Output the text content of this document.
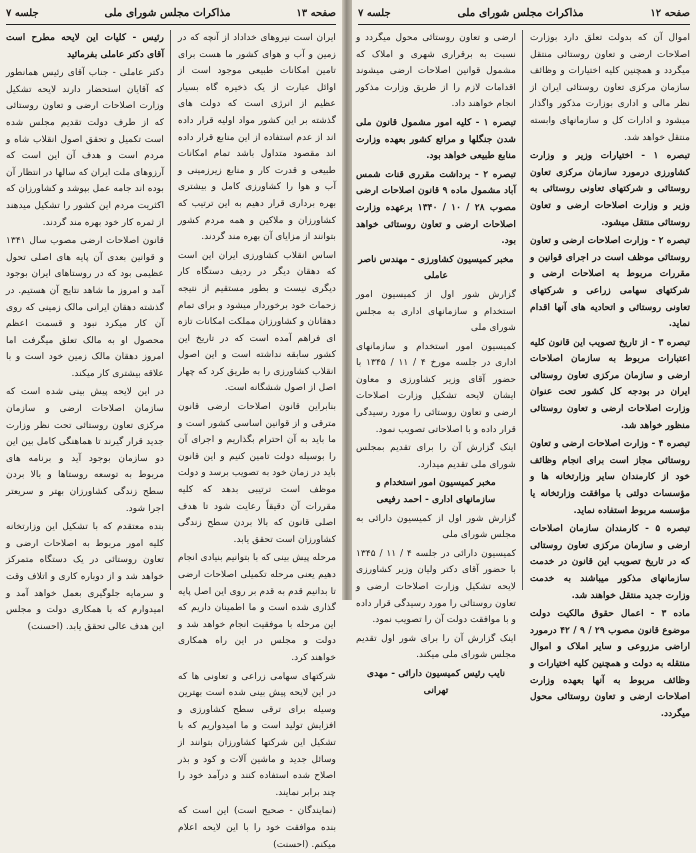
صفحه ۱۳
مذاکرات مجلس شورای ملی
جلسه ۷

ایران است نیروهای خداداد از آنچه که در زمین و آب و هوای کشور ما هست برای تامین امکانات طبیعی موجود است از اوائل عبارت از یک ذخیره گاه بسیار عظیم از انرژی است که دولت های گذشته بر این کشور مواد اولیه قرار داده اند از عدم استفاده از این منابع قرار داده اند مقصود متداول باشد تمام امکانات طبیعی و قدرت کار و منابع زیرزمینی و آب و هوا را کشاورزی کامل و بیشتری بهره برداری قرار دهیم به این ترتیب که کشاورزان و ملاکین و همه مردم کشور بتوانند از مزایای آن بهره مند گردند.

اساس انقلاب کشاورزی ایران این است که دهقان دیگر در ردیف دستگاه کار دیگری نیست و بطور مستقیم از نتیجه زحمات خود برخوردار میشود و برای تمام دهقانان و کشاورزان مملکت امکانات تازه ای فراهم آمده است که در تاریخ این کشور سابقه نداشته است و این اصول انقلاب کشاورزی را به طریق کرد که چهار اصل از اصول ششگانه است.

بنابراین قانون اصلاحات ارضی قانون مترقی و از قوانین اساسی کشور است و ما باید به آن احترام بگذاریم و اجرای آن را بوسیله دولت تامین کنیم و این قانون باید در زمان خود به تصویب برسد و دولت موظف است ترتیبی بدهد که کلیه مقررات آن دقیقاً رعایت شود تا هدف اصلی قانون که بالا بردن سطح زندگی کشاورزان است تحقق یابد.

مرحله پیش بینی که با بتوانیم بنیادی انجام دهیم یعنی مرحله تکمیلی اصلاحات ارضی تا بدانیم قدم به قدم بر روی این اصل پایه گذاری شده است و ما اطمینان داریم که این مرحله با موفقیت انجام خواهد شد و دولت و مجلس در این راه همکاری خواهند کرد.

شرکتهای سهامی زراعی و تعاونی ها که در این لایحه پیش بینی شده است بهترین وسیله برای ترقی سطح کشاورزی و افزایش تولید است و ما امیدواریم که با تشکیل این شرکتها کشاورزان بتوانند از وسائل جدید و ماشین آلات و کود و بذر اصلاح شده استفاده کنند و درآمد خود را چند برابر نمایند.

(نمایندگان - صحیح است) این است که بنده موافقت خود را با این لایحه اعلام میکنم. (احسنت)

رئیس - کلیات این لایحه مطرح است آقای دکتر عاملی بفرمائید

دکتر عاملی - جناب آقای رئیس همانطور که آقایان استحضار دارند لایحه تشکیل وزارت اصلاحات ارضی و تعاون روستائی که از طرف دولت تقدیم مجلس شده است تکمیل و تحقق اصول انقلاب شاه و مردم است و هدف آن این است که آرزوهای ملت ایران که سالها در انتظار آن بوده اند جامه عمل بپوشد و کشاورزان که اکثریت مردم این کشور را تشکیل میدهند از ثمره کار خود بهره مند گردند.

قانون اصلاحات ارضی مصوب سال ۱۳۴۱ و قوانین بعدی آن پایه های اصلی تحول عظیمی بود که در روستاهای ایران بوجود آمد و امروز ما شاهد نتایج آن هستیم. در گذشته دهقان ایرانی مالک زمینی که روی آن کار میکرد نبود و قسمت اعظم محصول او به مالک تعلق میگرفت اما امروز دهقان مالک زمین خود است و با علاقه بیشتری کار میکند.

در این لایحه پیش بینی شده است که سازمان اصلاحات ارضی و سازمان مرکزی تعاون روستائی تحت نظر وزارت جدید قرار گیرند تا هماهنگی کامل بین این دو سازمان بوجود آید و برنامه های مربوط به توسعه روستاها و بالا بردن سطح زندگی کشاورزان بهتر و سریعتر اجرا شود.

بنده معتقدم که با تشکیل این وزارتخانه کلیه امور مربوط به اصلاحات ارضی و تعاون روستائی در یک دستگاه متمرکز خواهد شد و از دوباره کاری و اتلاف وقت و سرمایه جلوگیری بعمل خواهد آمد و امیدوارم که با همکاری دولت و مجلس این هدف عالی تحقق یابد. (احسنت)

صفحه ۱۲
مذاکرات مجلس شورای ملی
جلسه ۷

اموال آن که بدولت تعلق دارد بوزارت اصلاحات ارضی و تعاون روستائی منتقل میگردد و همچنین کلیه اختیارات و وظائف سازمان مرکزی تعاون روستائی ایران از نظر مالی و اداری بوزارت مذکور واگذار میشود و ادارات کل و سازمانهای وابسته منتقل خواهد شد.

تبصره ۱ - اختیارات وزیر و وزارت کشاورزی درمورد سازمان مرکزی تعاون روستائی و شرکتهای تعاونی روستائی به وزیر و وزارت اصلاحات ارضی و تعاون روستائی منتقل میشود.

تبصره ۲ - وزارت اصلاحات ارضی و تعاون روستائی موظف است در اجرای قوانین و مقررات مربوط به اصلاحات ارضی و شرکتهای سهامی زراعی و شرکتهای تعاونی روستائی و اتحادیه های آنها اقدام نماید.

تبصره ۳ - از تاریخ تصویب این قانون کلیه اعتبارات مربوط به سازمان اصلاحات ارضی و سازمان مرکزی تعاون روستائی ایران در بودجه کل کشور تحت عنوان وزارت اصلاحات ارضی و تعاون روستائی منظور خواهد شد.

تبصره ۴ - وزارت اصلاحات ارضی و تعاون روستائی مجاز است برای انجام وظائف خود از کارمندان سایر وزارتخانه ها و مؤسسات دولتی با موافقت وزارتخانه یا مؤسسه مربوط استفاده نماید.

تبصره ۵ - کارمندان سازمان اصلاحات ارضی و سازمان مرکزی تعاون روستائی که در تاریخ تصویب این قانون در خدمت سازمانهای مذکور میباشند به خدمت وزارت جدید منتقل خواهند شد.

ماده ۳ - اعمال حقوق مالکیت دولت موضوع قانون مصوب ۲۹ / ۹ / ۴۲ درمورد اراضی مزروعی و سایر املاک و اموال منتقله به دولت و همچنین کلیه اختیارات و وظائف مربوط به آنها بعهده وزارت اصلاحات ارضی و تعاون روستائی محول میگردد.

ارضی و تعاون روستائی محول میگردد و نسبت به برقراری شهری و املاک که مشمول قوانین اصلاحات ارضی میشوند اقدامات لازم را از طریق وزارت مذکور انجام خواهند داد.

تبصره ۱ - کلیه امور مشمول قانون ملی شدن جنگلها و مراتع کشور بعهده وزارت منابع طبیعی خواهد بود.

تبصره ۲ - برداشت مقرری قنات شمس آباد مشمول ماده ۹ قانون اصلاحات ارضی مصوب ۲۸ / ۱۰ / ۱۳۴۰ برعهده وزارت اصلاحات ارضی و تعاون روستائی خواهد بود.

مخبر کمیسیون کشاورزی - مهندس ناصر عاملی

گزارش شور اول از کمیسیون امور استخدام و سازمانهای اداری به مجلس شورای ملی

کمیسیون امور استخدام و سازمانهای اداری در جلسه مورخ ۴ / ۱۱ / ۱۳۴۵ با حضور آقای وزیر کشاورزی و معاون ایشان لایحه تشکیل وزارت اصلاحات ارضی و تعاون روستائی را مورد رسیدگی قرار داده و با اصلاحاتی تصویب نمود.

اینک گزارش آن را برای تقدیم بمجلس شورای ملی تقدیم میدارد.

مخبر کمیسیون امور استخدام و سازمانهای اداری - احمد رفیعی

گزارش شور اول از کمیسیون دارائی به مجلس شورای ملی

کمیسیون دارائی در جلسه ۴ / ۱۱ / ۱۳۴۵ با حضور آقای دکتر ولیان وزیر کشاورزی لایحه تشکیل وزارت اصلاحات ارضی و تعاون روستائی را مورد رسیدگی قرار داده و با موافقت دولت آن را تصویب نمود.

اینک گزارش آن را برای شور اول تقدیم مجلس شورای ملی میکند.

نایب رئیس کمیسیون دارائی - مهدی تهرانی
